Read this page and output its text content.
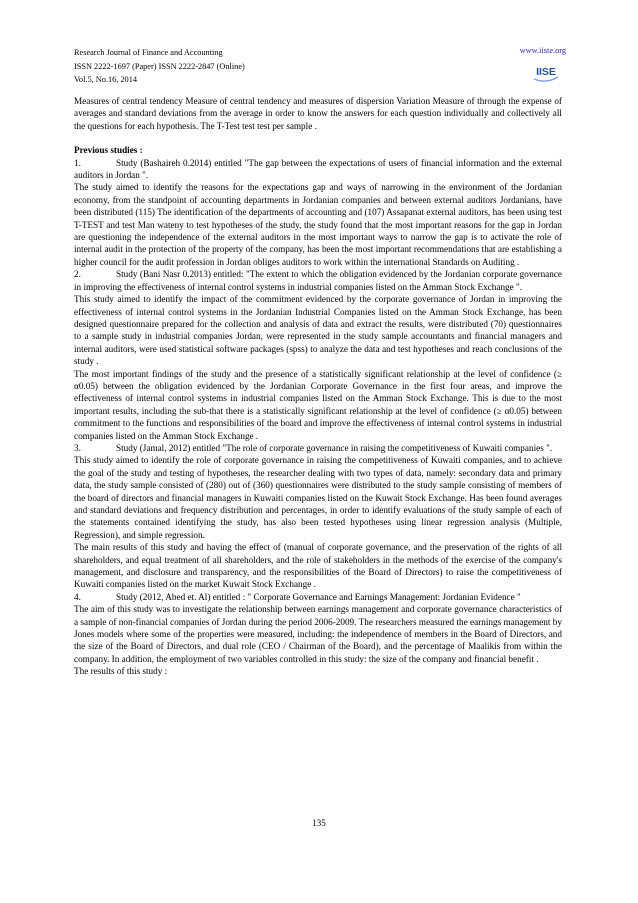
Research Journal of Finance and Accounting
ISSN 2222-1697 (Paper) ISSN 2222-2847 (Online)
Vol.5, No.16, 2014
www.iiste.org
IISE

Measures of central tendency Measure of central tendency and measures of dispersion Variation Measure of through the expense of averages and standard deviations from the average in order to know the answers for each question individually and collectively all the questions for each hypothesis. The T-Test test test per sample .

Previous studies :

1.	Study (Bashaireh 0.2014) entitled "The gap between the expectations of users of financial information and the external auditors in Jordan ".

The study aimed to identify the reasons for the expectations gap and ways of narrowing in the environment of the Jordanian economy, from the standpoint of accounting departments in Jordanian companies and between external auditors Jordanians, have been distributed (115) The identification of the departments of accounting and (107) Assapanat external auditors, has been using test T-TEST and test Man wateny to test hypotheses of the study, the study found that the most important reasons for the gap in Jordan are questioning the independence of the external auditors in the most important ways to narrow the gap is to activate the role of internal audit in the protection of the property of the company, has been the most important recommendations that are establishing a higher council for the audit profession in Jordan obliges auditors to work within the international Standards on Auditing .

2.	Study (Bani Nasr 0.2013) entitled: "The extent to which the obligation evidenced by the Jordanian corporate governance in improving the effectiveness of internal control systems in industrial companies listed on the Amman Stock Exchange ".

This study aimed to identify the impact of the commitment evidenced by the corporate governance of Jordan in improving the effectiveness of internal control systems in the Jordanian Industrial Companies listed on the Amman Stock Exchange, has been designed questionnaire prepared for the collection and analysis of data and extract the results, were distributed (70) questionnaires to a sample study in industrial companies Jordan, were represented in the study sample accountants and financial managers and internal auditors, were used statistical software packages (spss) to analyze the data and test hypotheses and reach conclusions of the study .

The most important findings of the study and the presence of a statistically significant relationship at the level of confidence (≥ α0.05) between the obligation evidenced by the Jordanian Corporate Governance in the first four areas, and improve the effectiveness of internal control systems in industrial companies listed on the Amman Stock Exchange. This is due to the most important results, including the sub-that there is a statistically significant relationship at the level of confidence (≥ α0.05) between commitment to the functions and responsibilities of the board and improve the effectiveness of internal control systems in industrial companies listed on the Amman Stock Exchange .

3.	Study (Jamal, 2012) entitled "The role of corporate governance in raising the competitiveness of Kuwaiti companies ".

This study aimed to identify the role of corporate governance in raising the competitiveness of Kuwaiti companies, and to achieve the goal of the study and testing of hypotheses, the researcher dealing with two types of data, namely: secondary data and primary data, the study sample consisted of (280) out of (360) questionnaires were distributed to the study sample consisting of members of the board of directors and financial managers in Kuwaiti companies listed on the Kuwait Stock Exchange. Has been found averages and standard deviations and frequency distribution and percentages, in order to identify evaluations of the study sample of each of the statements contained identifying the study, has also been tested hypotheses using linear regression analysis (Multiple, Regression), and simple regression.

The main results of this study and having the effect of (manual of corporate governance, and the preservation of the rights of all shareholders, and equal treatment of all shareholders, and the role of stakeholders in the methods of the exercise of the company's management, and disclosure and transparency, and the responsibilities of the Board of Directors) to raise the competitiveness of Kuwaiti companies listed on the market Kuwait Stock Exchange .

4.	Study (2012, Abed et. Al) entitled : " Corporate Governance and Earnings Management: Jordanian Evidence "

The aim of this study was to investigate the relationship between earnings management and corporate governance characteristics of a sample of non-financial companies of Jordan during the period 2006-2009. The researchers measured the earnings management by Jones models where some of the properties were measured, including: the independence of members in the Board of Directors, and the size of the Board of Directors, and dual role (CEO / Chairman of the Board), and the percentage of Maalikis from within the company. In addition, the employment of two variables controlled in this study: the size of the company and financial benefit .

The results of this study :

135
